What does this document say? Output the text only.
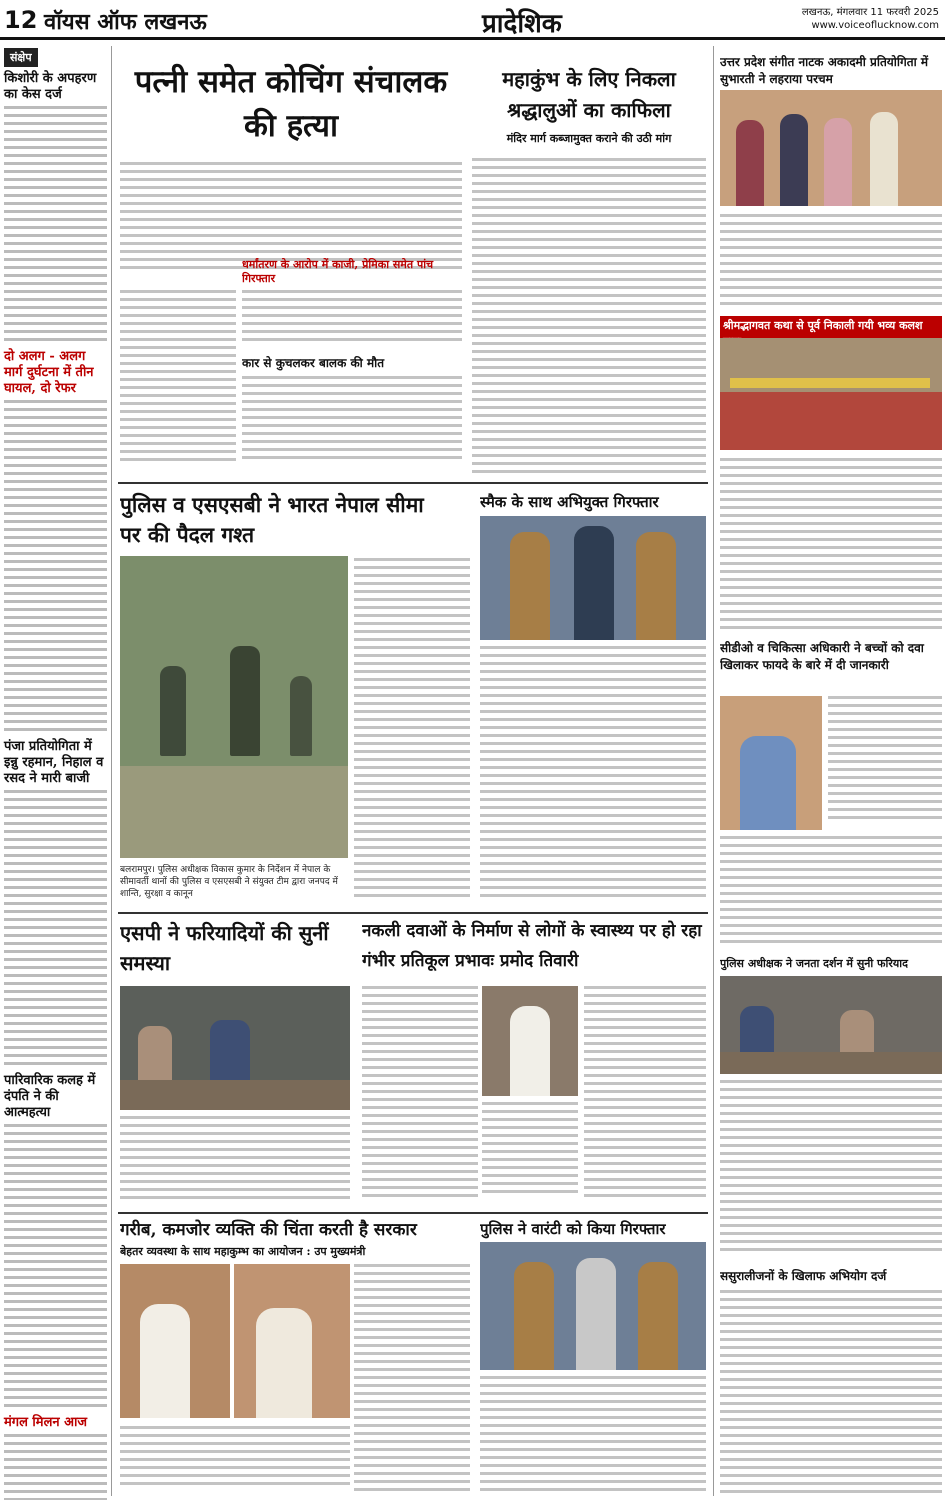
12 वॉयस ऑफ लखनऊ	प्रादेशिक	लखनऊ, मंगलवार 11 फरवरी 2025
www.voiceoflucknow.com
संक्षेप
किशोरी के अपहरण का केस दर्ज
दो अलग - अलग मार्ग दुर्घटना में तीन घायल, दो रेफर
पंजा प्रतियोगिता में इन्नु रहमान, निहाल व रसद ने मारी बाजी
पारिवारिक कलह में दंपति ने की आत्महत्या
मंगल मिलन आज
पत्नी समेत कोचिंग संचालक की हत्या
धर्मांतरण के आरोप में काजी, प्रेमिका समेत पांच गिरफ्तार
कार से कुचलकर बालक की मौत
महाकुंभ के लिए निकला श्रद्धालुओं का काफिला
मंदिर मार्ग कब्जामुक्त कराने की उठी मांग
पुलिस व एसएसबी ने भारत नेपाल सीमा पर की पैदल गश्त
बलरामपुर। पुलिस अधीक्षक विकास कुमार के निर्देशन में नेपाल के सीमावर्ती थानों की पुलिस व एसएसबी ने संयुक्त टीम द्वारा जनपद में शान्ति, सुरक्षा व कानून
स्मैक के साथ अभियुक्त गिरफ्तार
एसपी ने फरियादियों की सुनीं समस्या
नकली दवाओं के निर्माण से लोगों के स्वास्थ्य पर हो रहा गंभीर प्रतिकूल प्रभावः प्रमोद तिवारी
गरीब, कमजोर व्यक्ति की चिंता करती है सरकार
बेहतर व्यवस्था के साथ महाकुम्भ का आयोजन : उप मुख्यमंत्री
पुलिस ने वारंटी को किया गिरफ्तार
उत्तर प्रदेश संगीत नाटक अकादमी प्रतियोगिता में सुभारती ने लहराया परचम
श्रीमद्भागवत कथा से पूर्व निकाली गयी भव्य कलश
सीडीओ व चिकित्सा अधिकारी ने बच्चों को दवा खिलाकर फायदे के बारे में दी जानकारी
पुलिस अधीक्षक ने जनता दर्शन में सुनी फरियाद
ससुरालीजनों के खिलाफ अभियोग दर्ज
